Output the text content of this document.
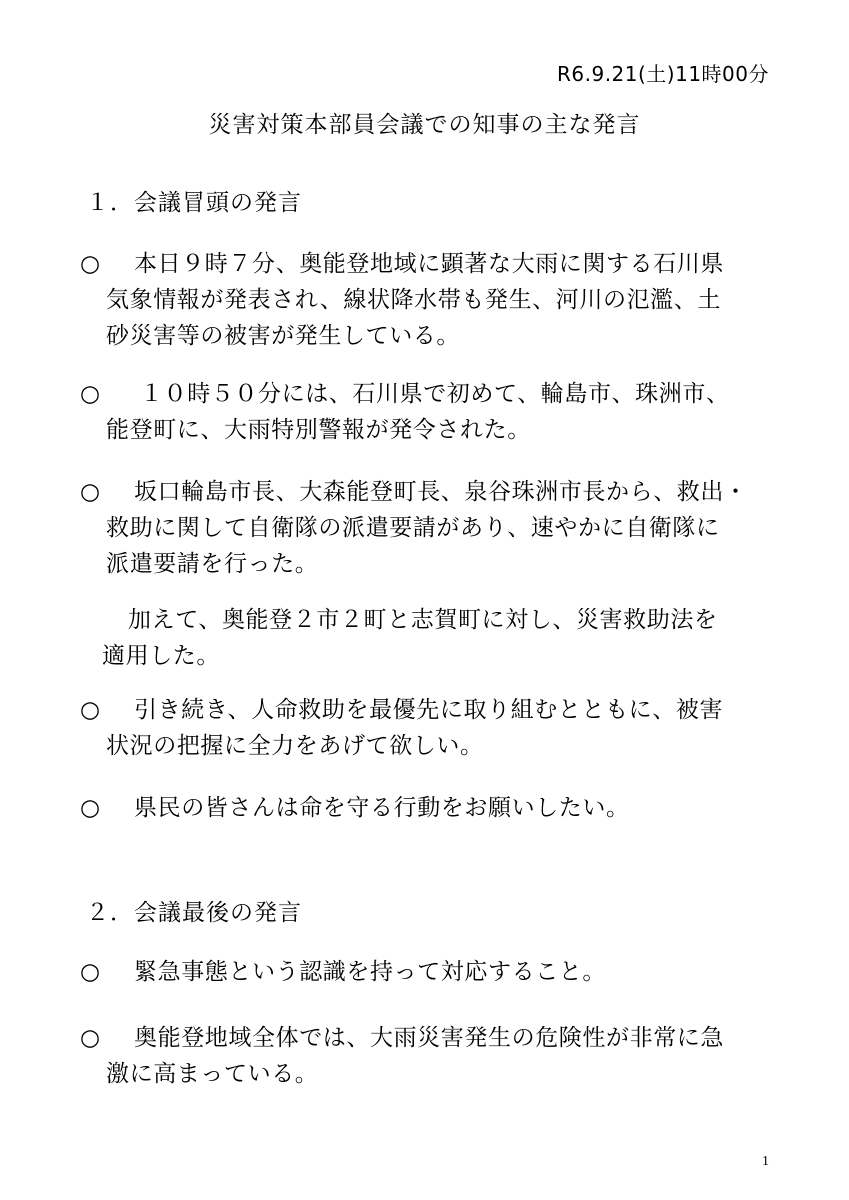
R6.9.21(土)11時00分
災害対策本部員会議での知事の主な発言
１．会議冒頭の発言
○	本日９時７分、奥能登地域に顕著な大雨に関する石川県
気象情報が発表され、線状降水帯も発生、河川の氾濫、土
砂災害等の被害が発生している。
○	１０時５０分には、石川県で初めて、輪島市、珠洲市、
能登町に、大雨特別警報が発令された。
○	坂口輪島市長、大森能登町長、泉谷珠洲市長から、救出・
救助に関して自衛隊の派遣要請があり、速やかに自衛隊に
派遣要請を行った。
加えて、奥能登２市２町と志賀町に対し、災害救助法を
適用した。
○	引き続き、人命救助を最優先に取り組むとともに、被害
状況の把握に全力をあげて欲しい。
○	県民の皆さんは命を守る行動をお願いしたい。
２．会議最後の発言
○	緊急事態という認識を持って対応すること。
○	奥能登地域全体では、大雨災害発生の危険性が非常に急
激に高まっている。
1
